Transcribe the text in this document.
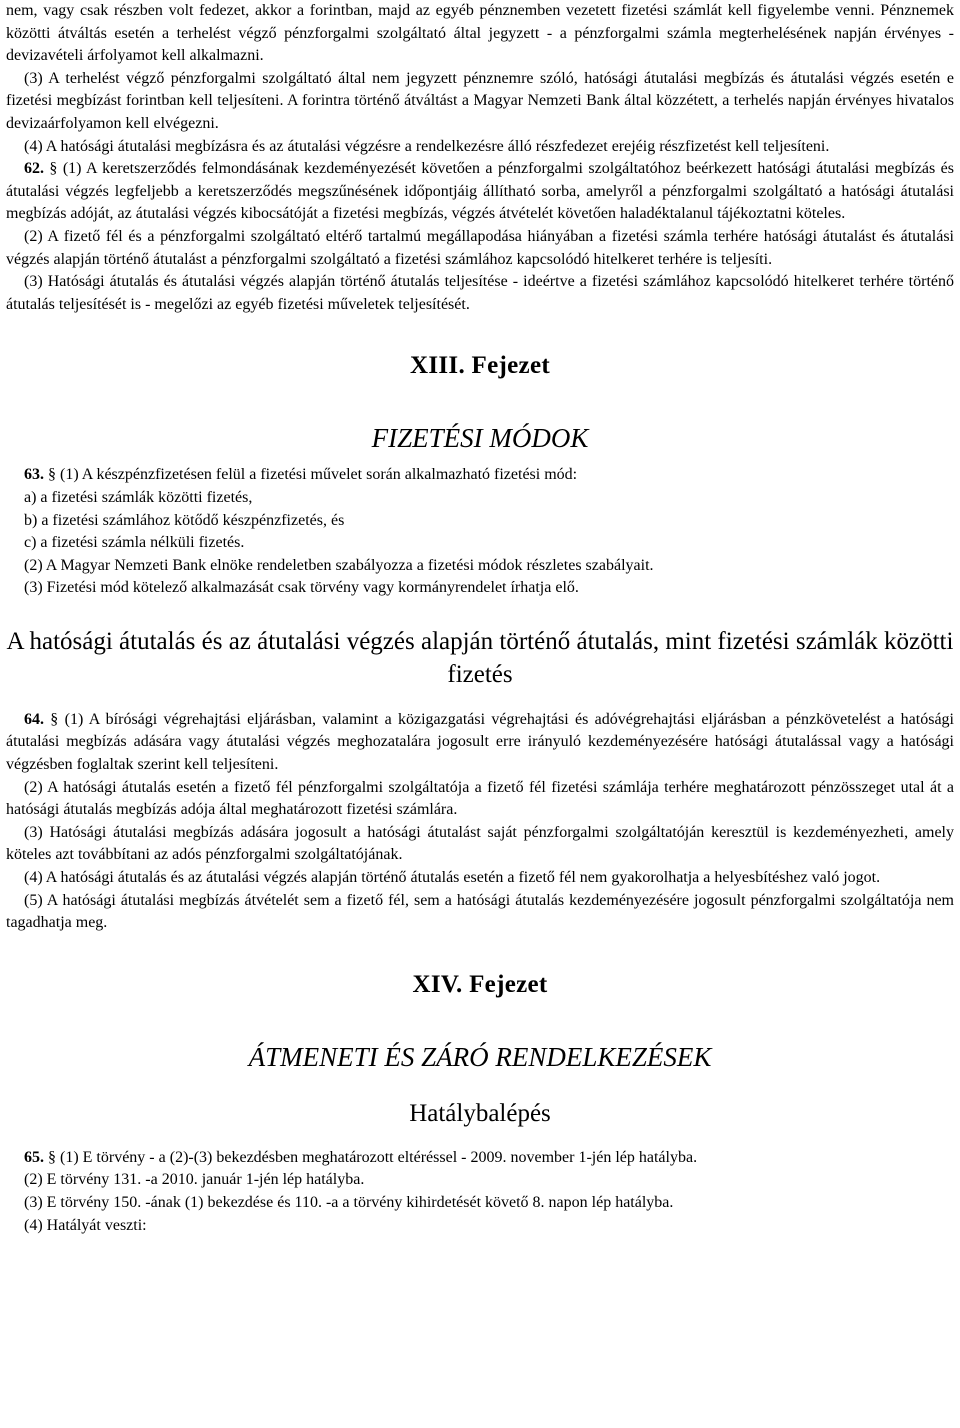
nem, vagy csak részben volt fedezet, akkor a forintban, majd az egyéb pénznemben vezetett fizetési számlát kell figyelembe venni. Pénznemek közötti átváltás esetén a terhelést végző pénzforgalmi szolgáltató által jegyzett - a pénzforgalmi számla megterhelésének napján érvényes - devizavételi árfolyamot kell alkalmazni.

(3) A terhelést végző pénzforgalmi szolgáltató által nem jegyzett pénznemre szóló, hatósági átutalási megbízás és átutalási végzés esetén e fizetési megbízást forintban kell teljesíteni. A forintra történő átváltást a Magyar Nemzeti Bank által közzétett, a terhelés napján érvényes hivatalos devizaárfolyamon kell elvégezni.

(4) A hatósági átutalási megbízásra és az átutalási végzésre a rendelkezésre álló részfedezet erejéig részfizetést kell teljesíteni.

62. § (1) A keretszerződés felmondásának kezdeményezését követően a pénzforgalmi szolgáltatóhoz beérkezett hatósági átutalási megbízás és átutalási végzés legfeljebb a keretszerződés megszűnésének időpontjáig állítható sorba, amelyről a pénzforgalmi szolgáltató a hatósági átutalási megbízás adóját, az átutalási végzés kibocsátóját a fizetési megbízás, végzés átvételét követően haladéktalanul tájékoztatni köteles.

(2) A fizető fél és a pénzforgalmi szolgáltató eltérő tartalmú megállapodása hiányában a fizetési számla terhére hatósági átutalást és átutalási végzés alapján történő átutalást a pénzforgalmi szolgáltató a fizetési számlához kapcsolódó hitelkeret terhére is teljesíti.

(3) Hatósági átutalás és átutalási végzés alapján történő átutalás teljesítése - ideértve a fizetési számlához kapcsolódó hitelkeret terhére történő átutalás teljesítését is - megelőzi az egyéb fizetési műveletek teljesítését.

XIII. Fejezet
FIZETÉSI MÓDOK

63. § (1) A készpénzfizetésen felül a fizetési művelet során alkalmazható fizetési mód:

a) a fizetési számlák közötti fizetés,

b) a fizetési számlához kötődő készpénzfizetés, és

c) a fizetési számla nélküli fizetés.

(2) A Magyar Nemzeti Bank elnöke rendeletben szabályozza a fizetési módok részletes szabályait.

(3) Fizetési mód kötelező alkalmazását csak törvény vagy kormányrendelet írhatja elő.

A hatósági átutalás és az átutalási végzés alapján történő átutalás, mint fizetési számlák közötti fizetés

64. § (1) A bírósági végrehajtási eljárásban, valamint a közigazgatási végrehajtási és adóvégrehajtási eljárásban a pénzkövetelést a hatósági átutalási megbízás adására vagy átutalási végzés meghozatalára jogosult erre irányuló kezdeményezésére hatósági átutalással vagy a hatósági végzésben foglaltak szerint kell teljesíteni.

(2) A hatósági átutalás esetén a fizető fél pénzforgalmi szolgáltatója a fizető fél fizetési számlája terhére meghatározott pénzösszeget utal át a hatósági átutalás megbízás adója által meghatározott fizetési számlára.

(3) Hatósági átutalási megbízás adására jogosult a hatósági átutalást saját pénzforgalmi szolgáltatóján keresztül is kezdeményezheti, amely köteles azt továbbítani az adós pénzforgalmi szolgáltatójának.

(4) A hatósági átutalás és az átutalási végzés alapján történő átutalás esetén a fizető fél nem gyakorolhatja a helyesbítéshez való jogot.

(5) A hatósági átutalási megbízás átvételét sem a fizető fél, sem a hatósági átutalás kezdeményezésére jogosult pénzforgalmi szolgáltatója nem tagadhatja meg.

XIV. Fejezet
ÁTMENETI ÉS ZÁRÓ RENDELKEZÉSEK
Hatálybalépés

65. § (1) E törvény - a (2)-(3) bekezdésben meghatározott eltéréssel - 2009. november 1-jén lép hatályba.

(2) E törvény 131. -a 2010. január 1-jén lép hatályba.

(3) E törvény 150. -ának (1) bekezdése és 110. -a a törvény kihirdetését követő 8. napon lép hatályba.

(4) Hatályát veszti:
